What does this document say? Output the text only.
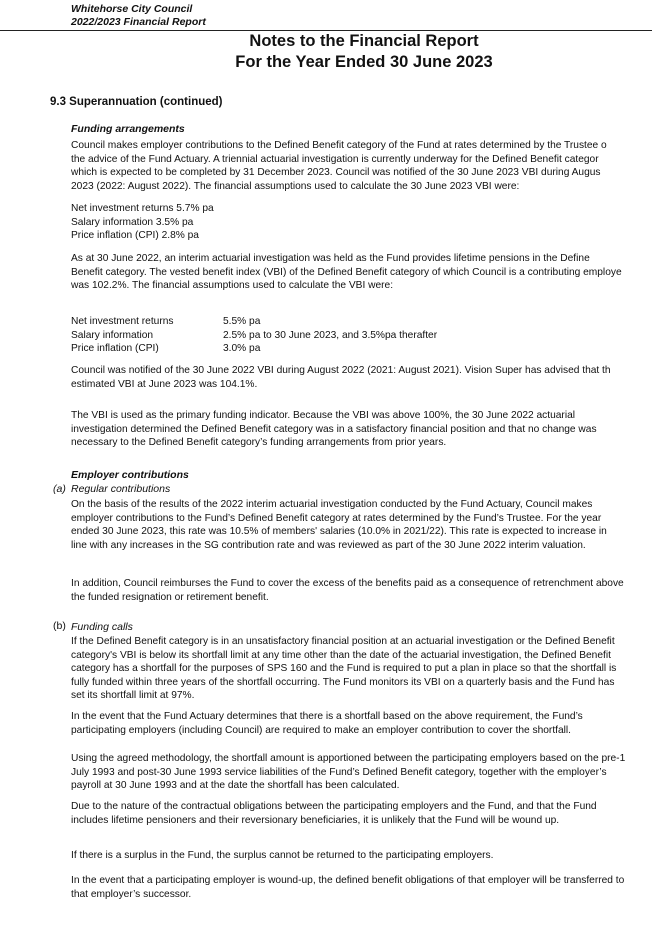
Whitehorse City Council
2022/2023 Financial Report
Notes to the Financial Report
For the Year Ended 30 June 2023
9.3 Superannuation (continued)
Funding arrangements
Council makes employer contributions to the Defined Benefit category of the Fund at rates determined by the Trustee o
the advice of the Fund Actuary. A triennial actuarial investigation is currently underway for the Defined Benefit categor
which is expected to be completed by 31 December 2023. Council was notified of the 30 June 2023 VBI during Augus
2023 (2022: August 2022). The financial assumptions used to calculate the 30 June 2023 VBI were:
Net investment returns 5.7% pa
Salary information 3.5% pa
Price inflation (CPI) 2.8% pa
As at 30 June 2022, an interim actuarial investigation was held as the Fund provides lifetime pensions in the Define
Benefit category. The vested benefit index (VBI) of the Defined Benefit category of which Council is a contributing employe
was 102.2%. The financial assumptions used to calculate the VBI were:
Net investment returns	5.5% pa
Salary information	2.5% pa to 30 June 2023, and 3.5%pa therafter
Price inflation (CPI)	3.0% pa
Council was notified of the 30 June 2022 VBI during August 2022 (2021: August 2021). Vision Super has advised that th
estimated VBI at June 2023 was 104.1%.
The VBI is used as the primary funding indicator. Because the VBI was above 100%, the 30 June 2022 actuarial
investigation determined the Defined Benefit category was in a satisfactory financial position and that no change was
necessary to the Defined Benefit category’s funding arrangements from prior years.
Employer contributions
(a) Regular contributions
On the basis of the results of the 2022 interim actuarial investigation conducted by the Fund Actuary, Council makes
employer contributions to the Fund’s Defined Benefit category at rates determined by the Fund’s Trustee. For the year
ended 30 June 2023, this rate was 10.5% of members' salaries (10.0% in 2021/22). This rate is expected to increase in
line with any increases in the SG contribution rate and was reviewed as part of the 30 June 2022 interim valuation.
In addition, Council reimburses the Fund to cover the excess of the benefits paid as a consequence of retrenchment above
the funded resignation or retirement benefit.
(b) Funding calls
If the Defined Benefit category is in an unsatisfactory financial position at an actuarial investigation or the Defined Benefit
category's VBI is below its shortfall limit at any time other than the date of the actuarial investigation, the Defined Benefit
category has a shortfall for the purposes of SPS 160 and the Fund is required to put a plan in place so that the shortfall is
fully funded within three years of the shortfall occurring. The Fund monitors its VBI on a quarterly basis and the Fund has
set its shortfall limit at 97%.
In the event that the Fund Actuary determines that there is a shortfall based on the above requirement, the Fund’s
participating employers (including Council) are required to make an employer contribution to cover the shortfall.
Using the agreed methodology, the shortfall amount is apportioned between the participating employers based on the pre-1
July 1993 and post-30 June 1993 service liabilities of the Fund’s Defined Benefit category, together with the employer’s
payroll at 30 June 1993 and at the date the shortfall has been calculated.
Due to the nature of the contractual obligations between the participating employers and the Fund, and that the Fund
includes lifetime pensioners and their reversionary beneficiaries, it is unlikely that the Fund will be wound up.
If there is a surplus in the Fund, the surplus cannot be returned to the participating employers.
In the event that a participating employer is wound-up, the defined benefit obligations of that employer will be transferred to
that employer’s successor.
